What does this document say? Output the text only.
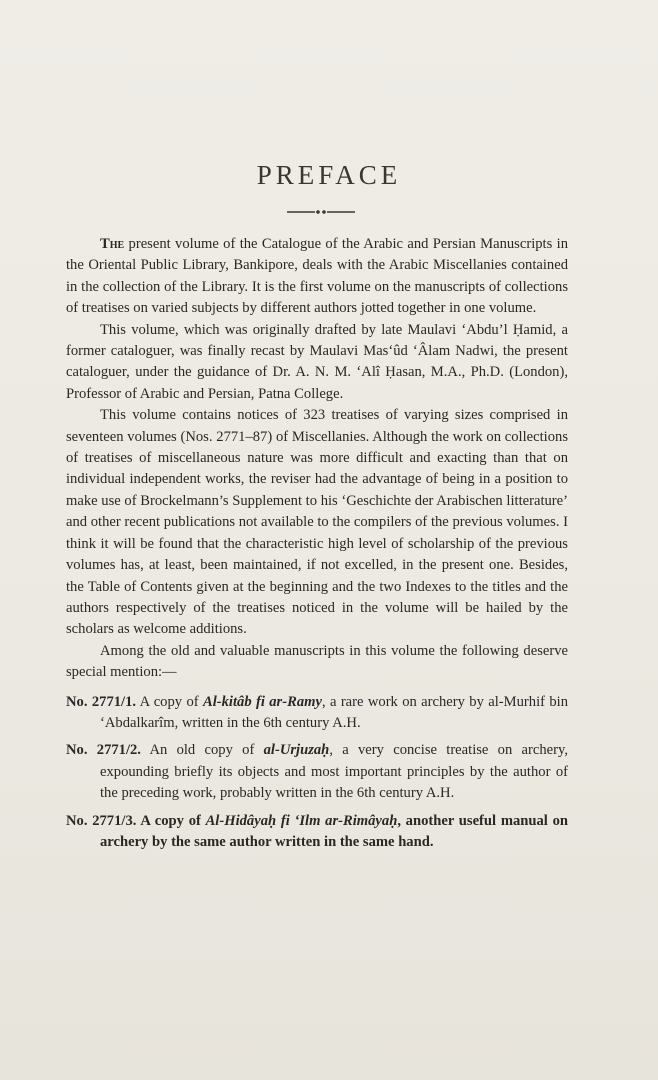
PREFACE

The present volume of the Catalogue of the Arabic and Persian Manuscripts in the Oriental Public Library, Bankipore, deals with the Arabic Miscellanies contained in the collection of the Library. It is the first volume on the manuscripts of collections of treatises on varied subjects by different authors jotted together in one volume.

This volume, which was originally drafted by late Maulavi ‘Abdu’l Ḥamid, a former cataloguer, was finally recast by Maulavi Mas‘ûd ‘Âlam Nadwi, the present cataloguer, under the guidance of Dr. A. N. M. ‘Alî Ḥasan, M.A., Ph.D. (London), Professor of Arabic and Persian, Patna College.

This volume contains notices of 323 treatises of varying sizes comprised in seventeen volumes (Nos. 2771–87) of Miscellanies. Although the work on collections of treatises of miscellaneous nature was more difficult and exacting than that on individual independent works, the reviser had the advantage of being in a position to make use of Brockelmann’s Supplement to his ‘Geschichte der Arabischen litterature’ and other recent publications not available to the compilers of the previous volumes. I think it will be found that the characteristic high level of scholarship of the previous volumes has, at least, been maintained, if not excelled, in the present one. Besides, the Table of Contents given at the beginning and the two Indexes to the titles and the authors respectively of the treatises noticed in the volume will be hailed by the scholars as welcome additions.

Among the old and valuable manuscripts in this volume the following deserve special mention:—

No. 2771/1. A copy of Al-kitâb fi ar-Ramy, a rare work on archery by al-Murhif bin ‘Abdalkarîm, written in the 6th century A.H.
No. 2771/2. An old copy of al-Urjuzaḥ, a very concise treatise on archery, expounding briefly its objects and most important principles by the author of the preceding work, probably written in the 6th century A.H.
No. 2771/3. A copy of Al-Hidâyaḥ fi ‘Ilm ar-Rimâyaḥ, another useful manual on archery by the same author written in the same hand.
